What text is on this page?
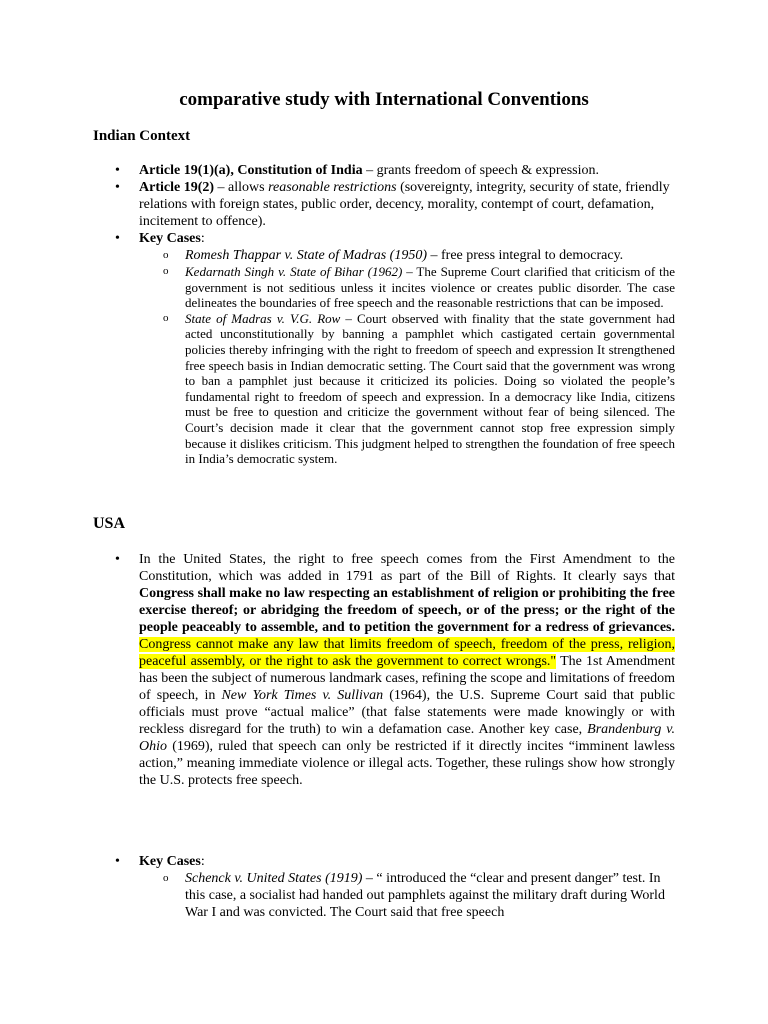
comparative study with International Conventions
Indian Context
• Article 19(1)(a), Constitution of India – grants freedom of speech & expression.
• Article 19(2) – allows reasonable restrictions (sovereignty, integrity, security of state, friendly relations with foreign states, public order, decency, morality, contempt of court, defamation, incitement to offence).
• Key Cases:
o Romesh Thappar v. State of Madras (1950) – free press integral to democracy.
o Kedarnath Singh v. State of Bihar (1962) – The Supreme Court clarified that criticism of the government is not seditious unless it incites violence or creates public disorder. The case delineates the boundaries of free speech and the reasonable restrictions that can be imposed.
o State of Madras v. V.G. Row – Court observed with finality that the state government had acted unconstitutionally by banning a pamphlet which castigated certain governmental policies thereby infringing with the right to freedom of speech and expression It strengthened free speech basis in Indian democratic setting. The Court said that the government was wrong to ban a pamphlet just because it criticized its policies. Doing so violated the people’s fundamental right to freedom of speech and expression. In a democracy like India, citizens must be free to question and criticize the government without fear of being silenced. The Court’s decision made it clear that the government cannot stop free expression simply because it dislikes criticism. This judgment helped to strengthen the foundation of free speech in India’s democratic system.
USA
• In the United States, the right to free speech comes from the First Amendment to the Constitution, which was added in 1791 as part of the Bill of Rights. It clearly says that Congress shall make no law respecting an establishment of religion or prohibiting the free exercise thereof; or abridging the freedom of speech, or of the press; or the right of the people peaceably to assemble, and to petition the government for a redress of grievances. Congress cannot make any law that limits freedom of speech, freedom of the press, religion, peaceful assembly, or the right to ask the government to correct wrongs." The 1st Amendment has been the subject of numerous landmark cases, refining the scope and limitations of freedom of speech, in New York Times v. Sullivan (1964), the U.S. Supreme Court said that public officials must prove “actual malice” (that false statements were made knowingly or with reckless disregard for the truth) to win a defamation case. Another key case, Brandenburg v. Ohio (1969), ruled that speech can only be restricted if it directly incites “imminent lawless action,” meaning immediate violence or illegal acts. Together, these rulings show how strongly the U.S. protects free speech.
• Key Cases:
o Schenck v. United States (1919) – “ introduced the “clear and present danger” test. In this case, a socialist had handed out pamphlets against the military draft during World War I and was convicted. The Court said that free speech
